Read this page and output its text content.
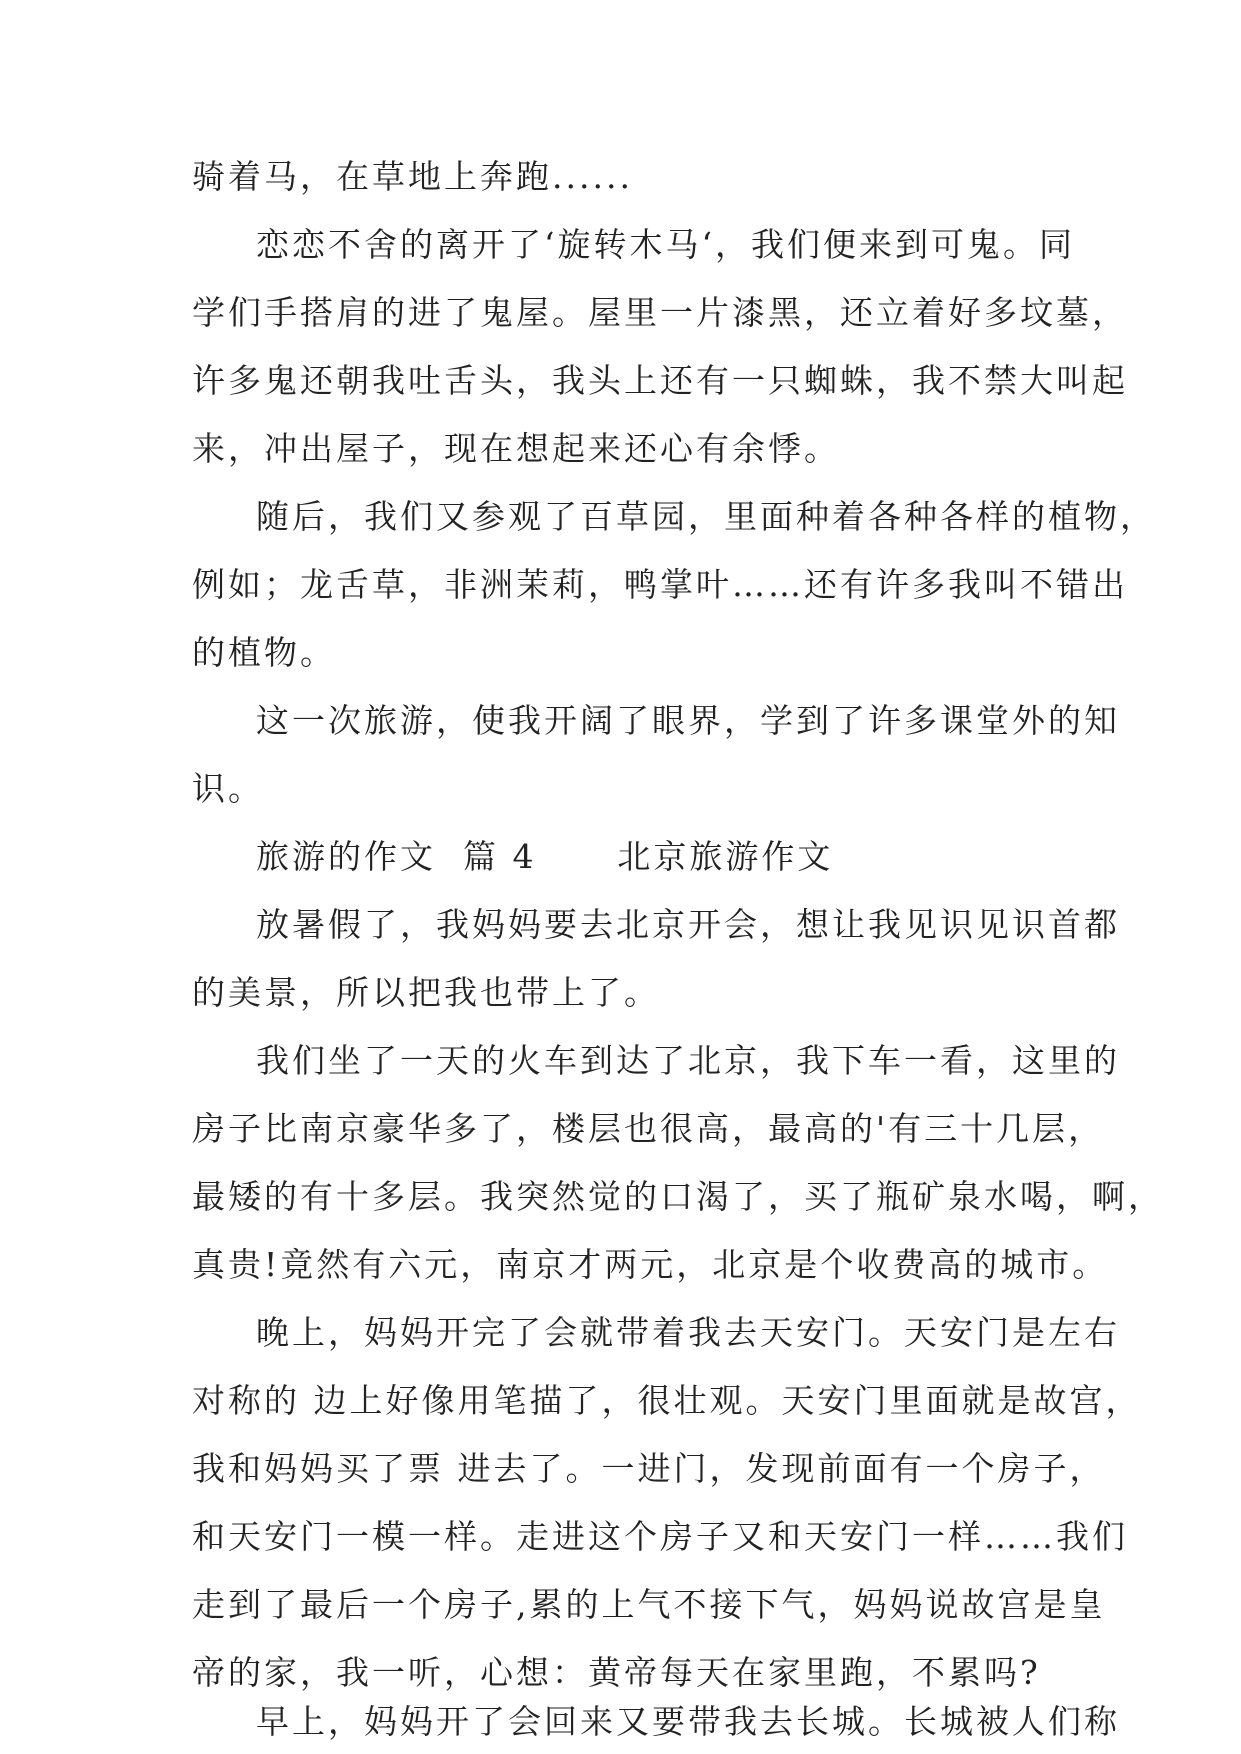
骑着马，在草地上奔跑......
恋恋不舍的离开了‘旋转木马‘，我们便来到可鬼。同
学们手搭肩的进了鬼屋。屋里一片漆黑，还立着好多坟墓，
许多鬼还朝我吐舌头，我头上还有一只蜘蛛，我不禁大叫起
来，冲出屋子，现在想起来还心有余悸。
随后，我们又参观了百草园，里面种着各种各样的植物，
例如；龙舌草，非洲茉莉，鸭掌叶……还有许多我叫不错出
的植物。
这一次旅游，使我开阔了眼界，学到了许多课堂外的知
识。
旅游的作文  篇 4      北京旅游作文
放暑假了，我妈妈要去北京开会，想让我见识见识首都
的美景，所以把我也带上了。
我们坐了一天的火车到达了北京，我下车一看，这里的
房子比南京豪华多了，楼层也很高，最高的'有三十几层，
最矮的有十多层。我突然觉的口渴了，买了瓶矿泉水喝，啊，
真贵!竟然有六元，南京才两元，北京是个收费高的城市。
晚上，妈妈开完了会就带着我去天安门。天安门是左右
对称的 边上好像用笔描了，很壮观。天安门里面就是故宫，
我和妈妈买了票 进去了。一进门，发现前面有一个房子，
和天安门一模一样。走进这个房子又和天安门一样……我们
走到了最后一个房子,累的上气不接下气，妈妈说故宫是皇
帝的家，我一听，心想：黄帝每天在家里跑，不累吗?
早上，妈妈开了会回来又要带我去长城。长城被人们称
